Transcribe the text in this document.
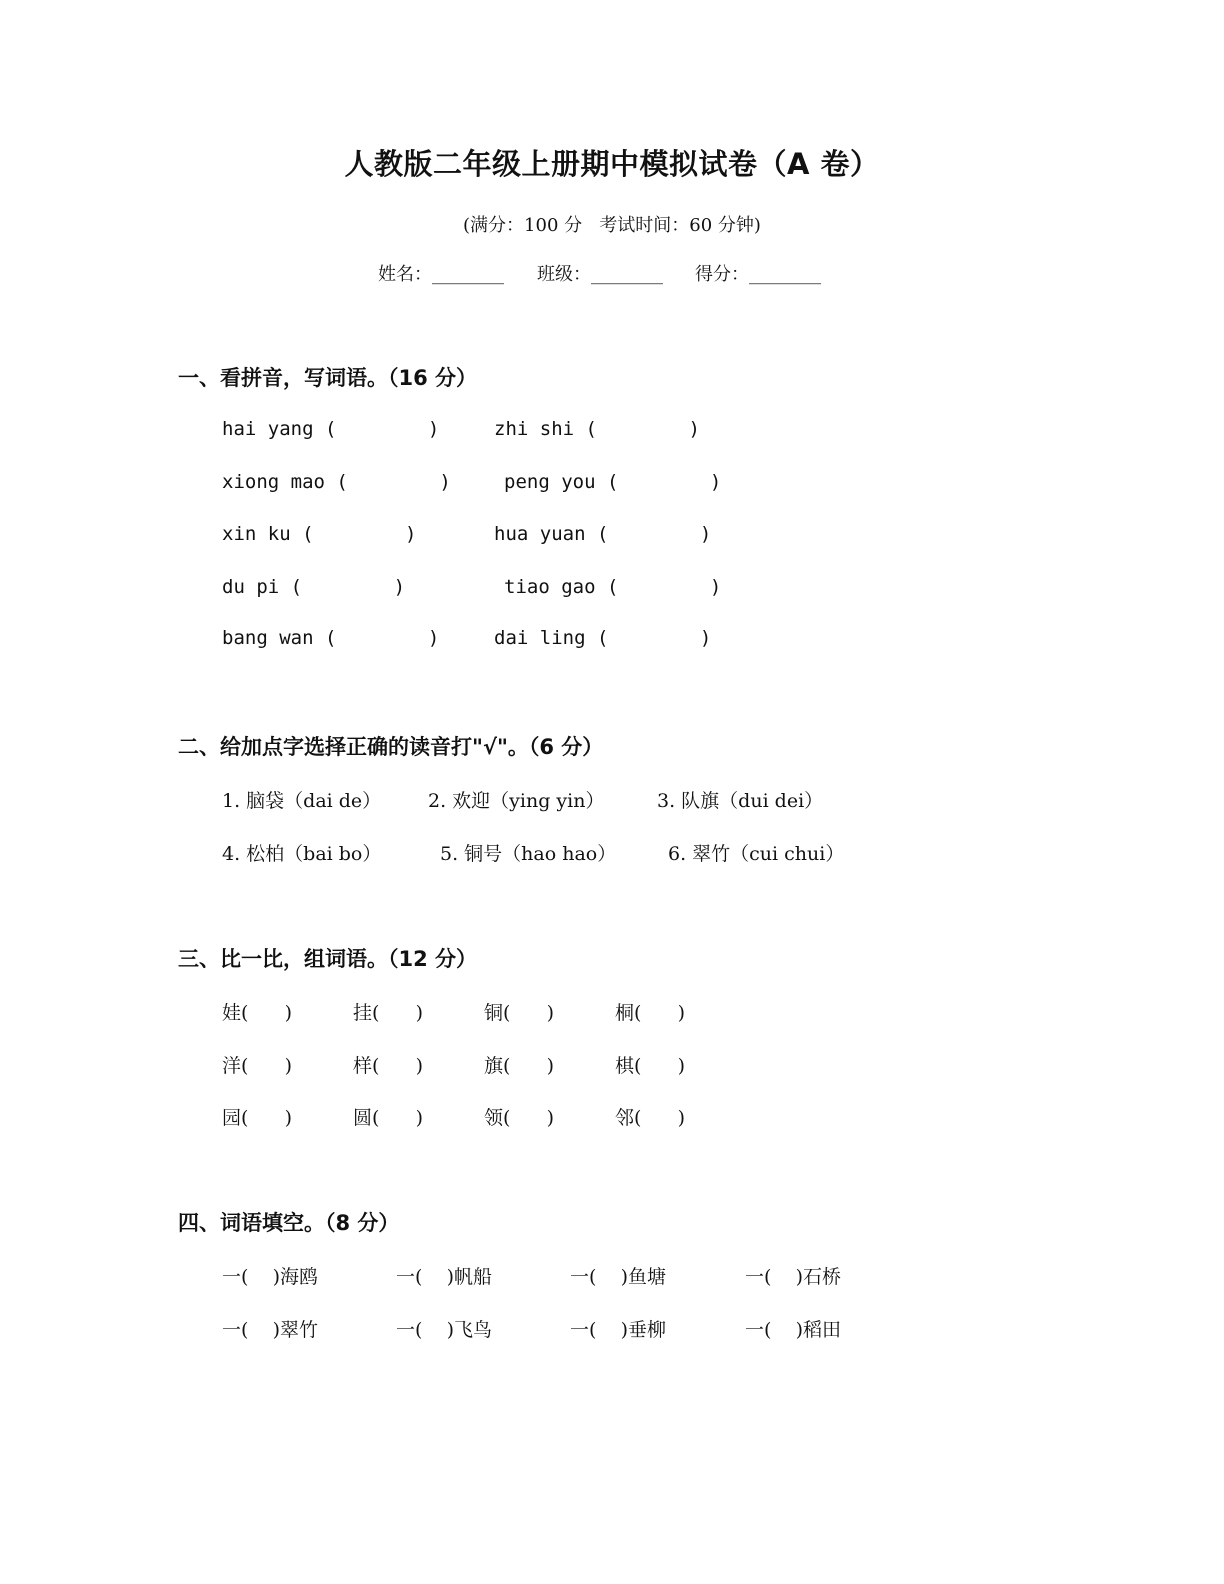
人教版二年级上册期中模拟试卷（A 卷）
(满分：100 分   考试时间：60 分钟)
姓名：________ 班级：________ 得分：________
一、看拼音，写词语。（16 分）
hai yang (        )	zhi shi (        )
xiong mao (        )	peng you (        )
xin ku (        )	hua yuan (        )
du pi (        )	tiao gao (        )
bang wan (        )	dai ling (        )
二、给加点字选择正确的读音打"√"。（6 分）
1. 脑袋（dai de） 2. 欢迎（ying yin）	3. 队旗（dui dei）
4. 松柏（bai bo）	5. 铜号（hao hao）	6. 翠竹（cui chui）
三、比一比，组词语。（12 分）
娃(      )	挂(      )	铜(      )	桐(      )
洋(      )	样(      )	旗(      )	棋(      )
园(      )	圆(      )	领(      )	邻(      )
四、词语填空。（8 分）
一(    )海鸥	一(    )帆船	一(    )鱼塘	一(    )石桥
一(    )翠竹	一(    )飞鸟	一(    )垂柳	一(    )稻田
